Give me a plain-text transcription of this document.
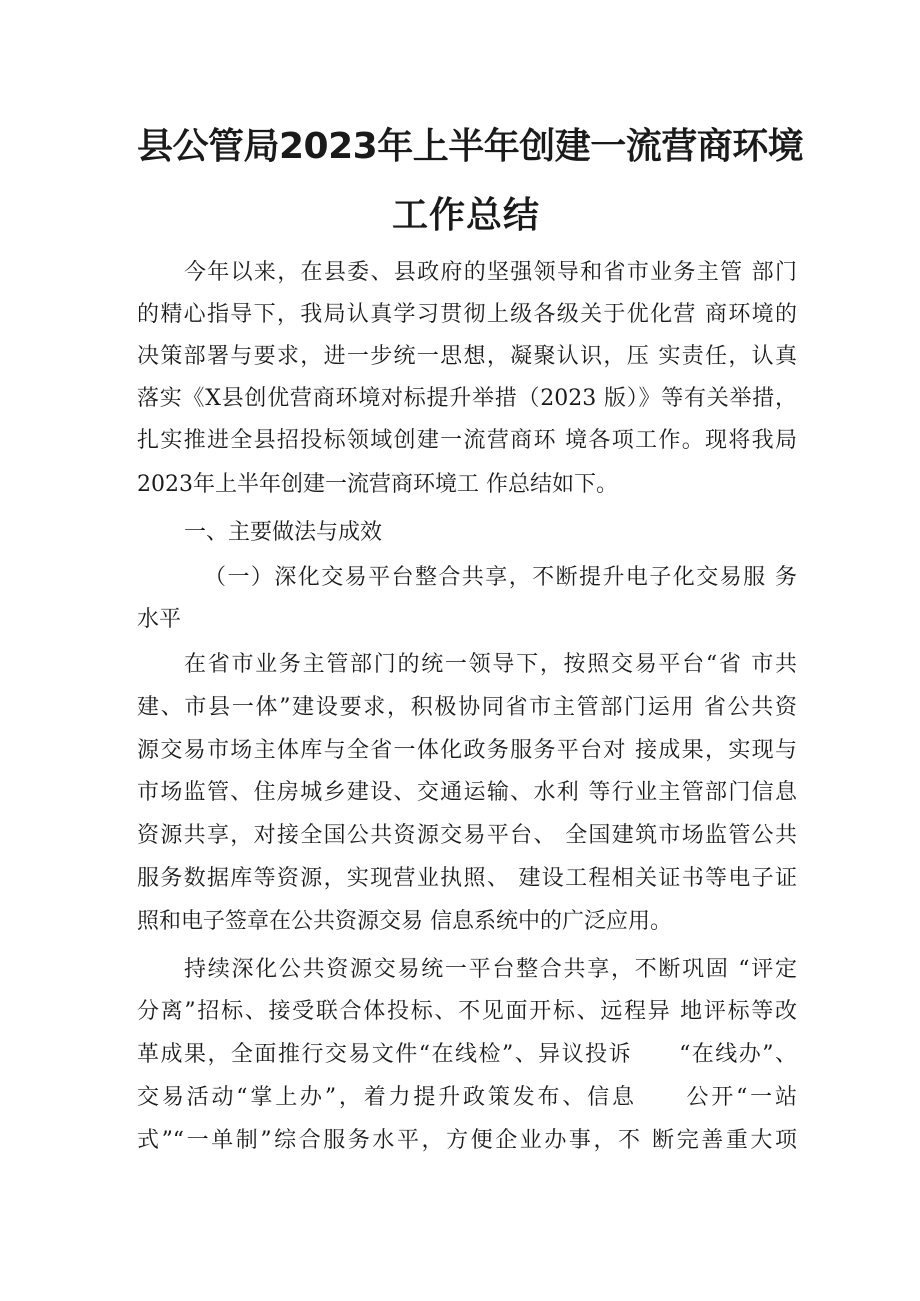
县公管局2023年上半年创建一流营商环境
工作总结
今年以来，在县委、县政府的坚强领导和省市业务主管 部门
的精心指导下，我局认真学习贯彻上级各级关于优化营 商环境的
决策部署与要求，进一步统一思想，凝聚认识，压 实责任，认真
落实《X县创优营商环境对标提升举措（2023 版）》等有关举措，
扎实推进全县招投标领域创建一流营商环 境各项工作。现将我局
2023年上半年创建一流营商环境工 作总结如下。
一、主要做法与成效
（一）深化交易平台整合共享，不断提升电子化交易服 务
水平
在省市业务主管部门的统一领导下，按照交易平台“省 市共
建、市县一体”建设要求，积极协同省市主管部门运用 省公共资
源交易市场主体库与全省一体化政务服务平台对 接成果，实现与
市场监管、住房城乡建设、交通运输、水利 等行业主管部门信息
资源共享，对接全国公共资源交易平台、 全国建筑市场监管公共
服务数据库等资源，实现营业执照、 建设工程相关证书等电子证
照和电子签章在公共资源交易 信息系统中的广泛应用。
持续深化公共资源交易统一平台整合共享，不断巩固 “评定
分离”招标、接受联合体投标、不见面开标、远程异 地评标等改
革成果，全面推行交易文件“在线检”、异议投诉　　“在线办”、
交易活动“掌上办”，着力提升政策发布、信息　　公开“一站
式”“一单制”综合服务水平，方便企业办事，不 断完善重大项
